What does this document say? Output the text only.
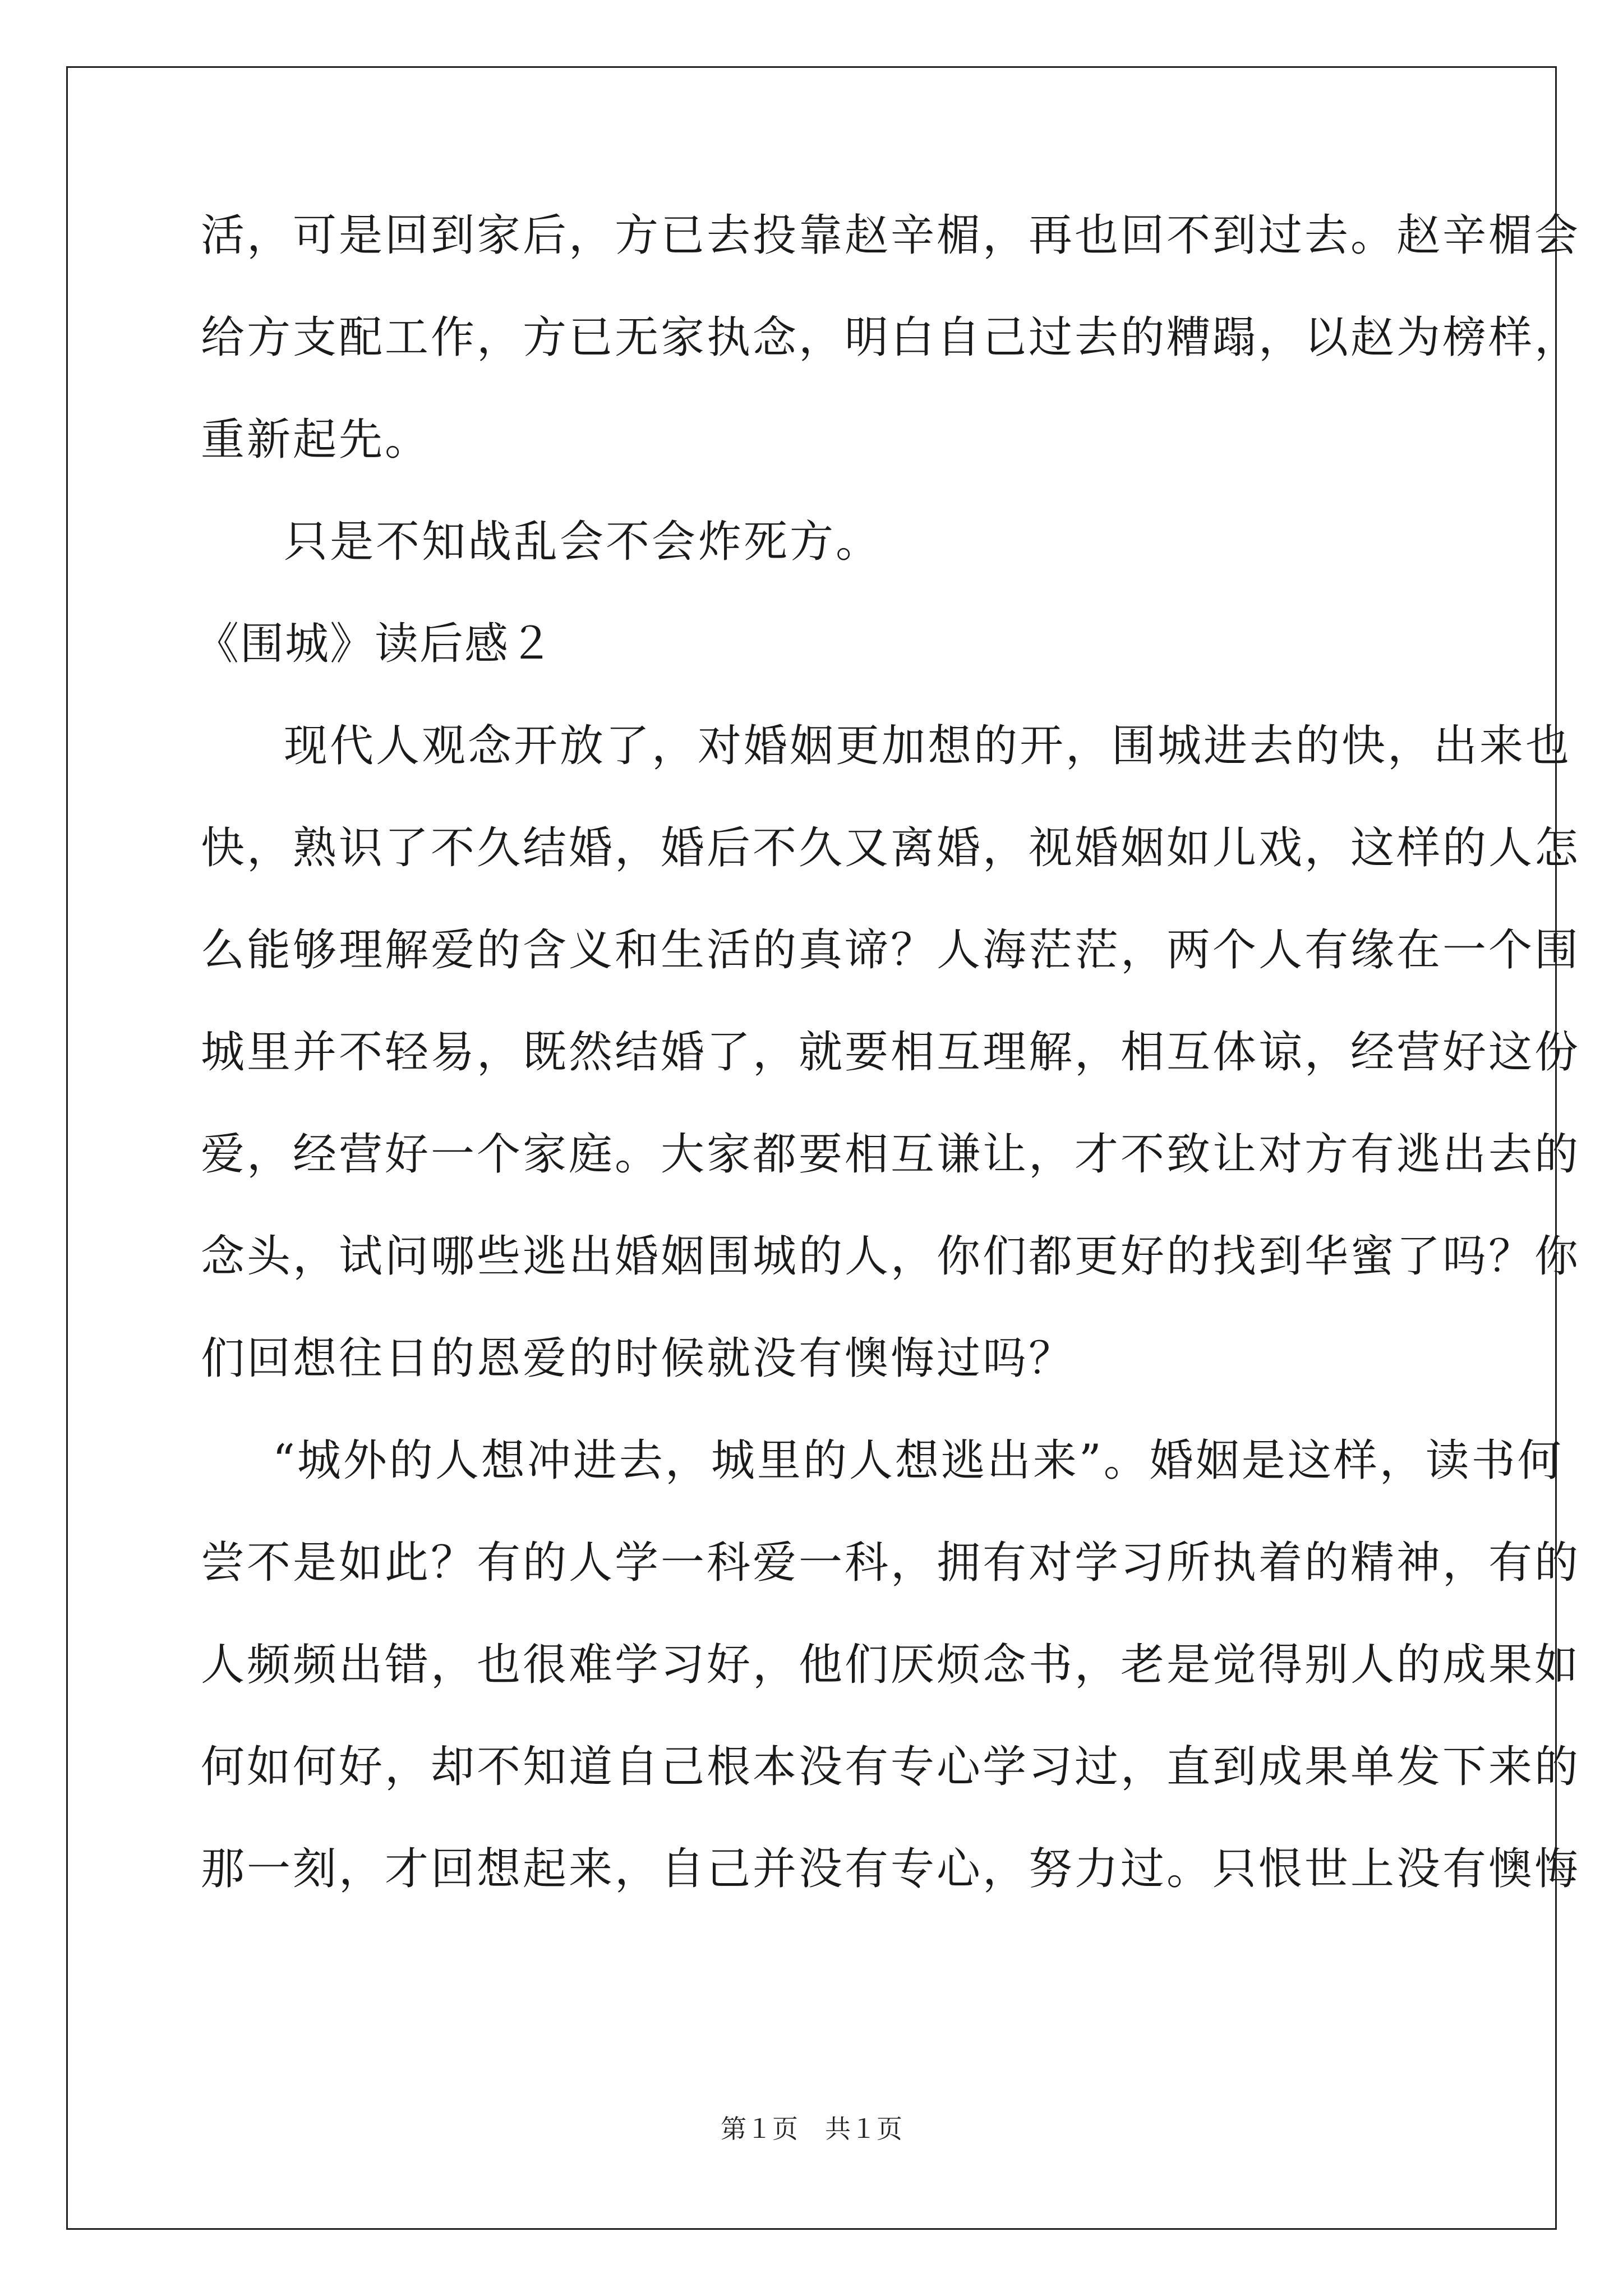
活，可是回到家后，方已去投靠赵辛楣，再也回不到过去。赵辛楣会
给方支配工作，方已无家执念，明白自己过去的糟蹋，以赵为榜样，
重新起先。
只是不知战乱会不会炸死方。
《围城》读后感２
现代人观念开放了，对婚姻更加想的开，围城进去的快，出来也
快，熟识了不久结婚，婚后不久又离婚，视婚姻如儿戏，这样的人怎
么能够理解爱的含义和生活的真谛？人海茫茫，两个人有缘在一个围
城里并不轻易，既然结婚了，就要相互理解，相互体谅，经营好这份
爱，经营好一个家庭。大家都要相互谦让，才不致让对方有逃出去的
念头，试问哪些逃出婚姻围城的人，你们都更好的找到华蜜了吗？你
们回想往日的恩爱的时候就没有懊悔过吗？
“城外的人想冲进去，城里的人想逃出来”。婚姻是这样，读书何
尝不是如此？有的人学一科爱一科，拥有对学习所执着的精神，有的
人频频出错，也很难学习好，他们厌烦念书，老是觉得别人的成果如
何如何好，却不知道自己根本没有专心学习过，直到成果单发下来的
那一刻，才回想起来，自己并没有专心，努力过。只恨世上没有懊悔
第１页 共１页
